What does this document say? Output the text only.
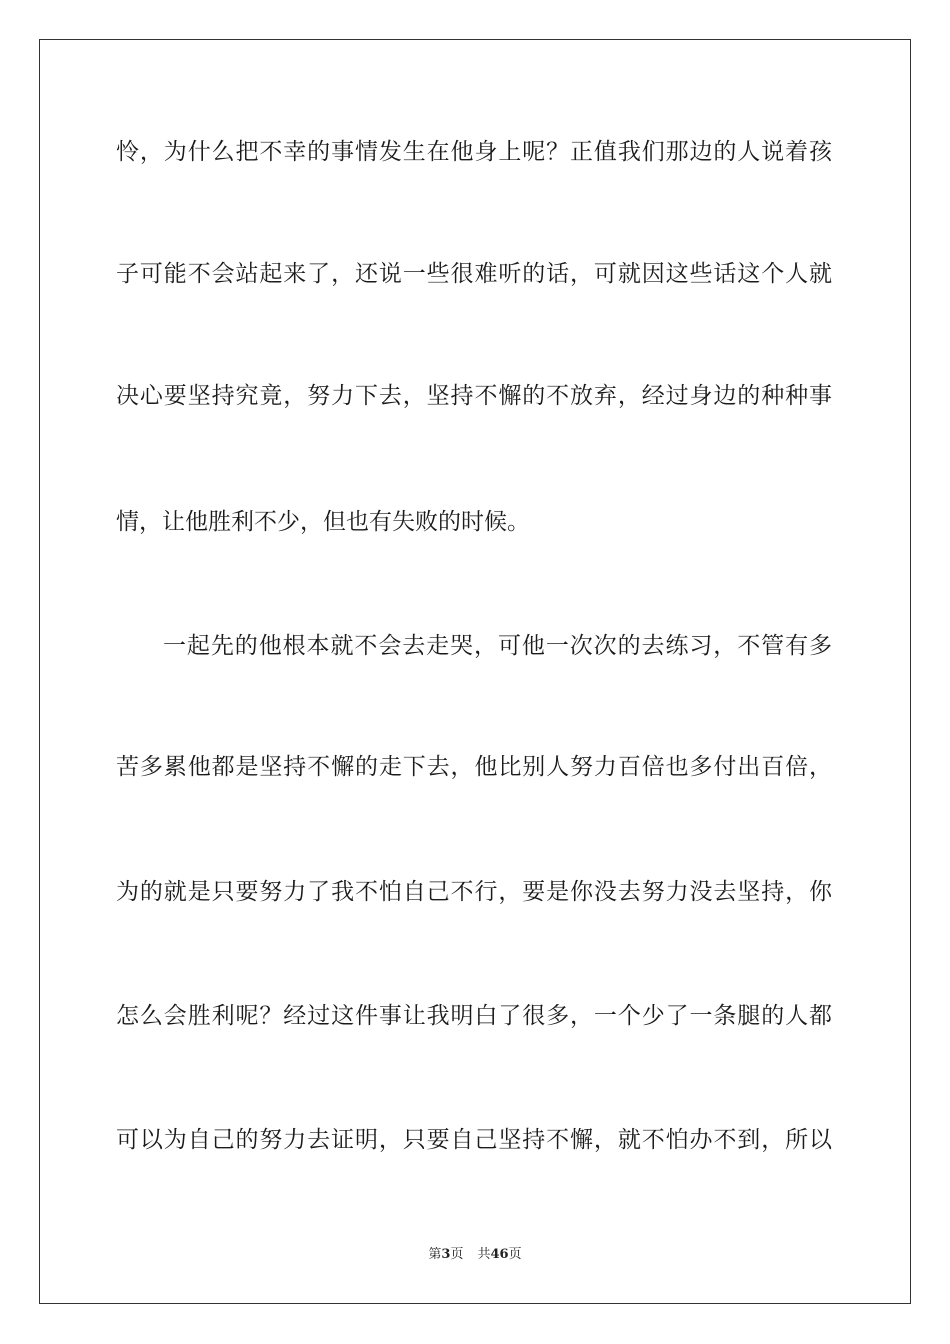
怜，为什么把不幸的事情发生在他身上呢？正值我们那边的人说着孩
子可能不会站起来了，还说一些很难听的话，可就因这些话这个人就
决心要坚持究竟，努力下去，坚持不懈的不放弃，经过身边的种种事
情，让他胜利不少，但也有失败的时候。
一起先的他根本就不会去走哭，可他一次次的去练习，不管有多
苦多累他都是坚持不懈的走下去，他比别人努力百倍也多付出百倍，
为的就是只要努力了我不怕自己不行，要是你没去努力没去坚持，你
怎么会胜利呢？经过这件事让我明白了很多，一个少了一条腿的人都
可以为自己的努力去证明，只要自己坚持不懈，就不怕办不到，所以
第3页 共46页
